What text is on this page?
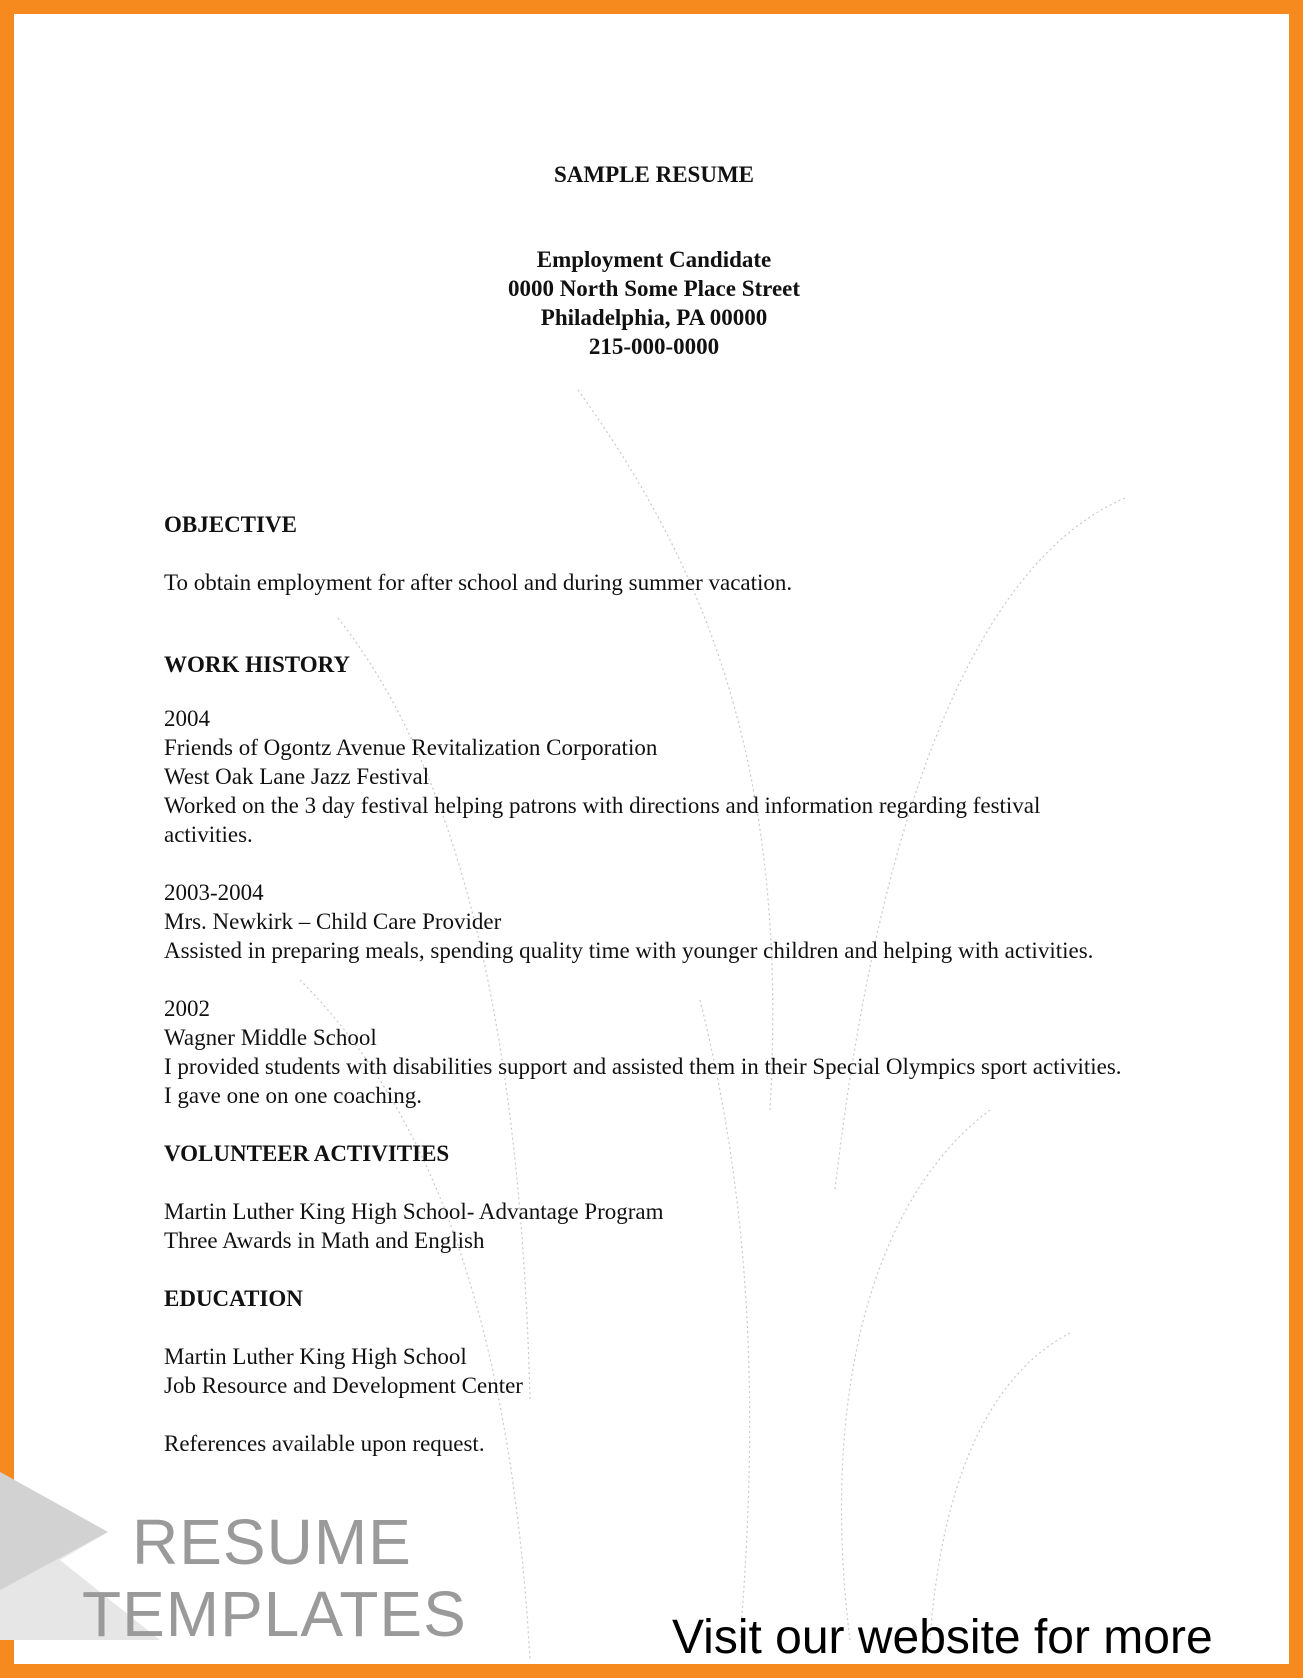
SAMPLE RESUME
Employment Candidate
0000 North Some Place Street
Philadelphia, PA 00000
215-000-0000
OBJECTIVE
To obtain employment for after school and during summer vacation.
WORK HISTORY
2004
Friends of Ogontz Avenue Revitalization Corporation
West Oak Lane Jazz Festival
Worked on the 3 day festival helping patrons with directions and information regarding festival activities.
2003-2004
Mrs. Newkirk – Child Care Provider
Assisted in preparing meals, spending quality time with younger children and helping with activities.
2002
Wagner Middle School
I provided students with disabilities support and assisted them in their Special Olympics sport activities. I gave one on one coaching.
VOLUNTEER ACTIVITIES
Martin Luther King High School- Advantage Program
Three Awards in Math and English
EDUCATION
Martin Luther King High School
Job Resource and Development Center
References available upon request.
RESUME
TEMPLATES	Visit our website for more
